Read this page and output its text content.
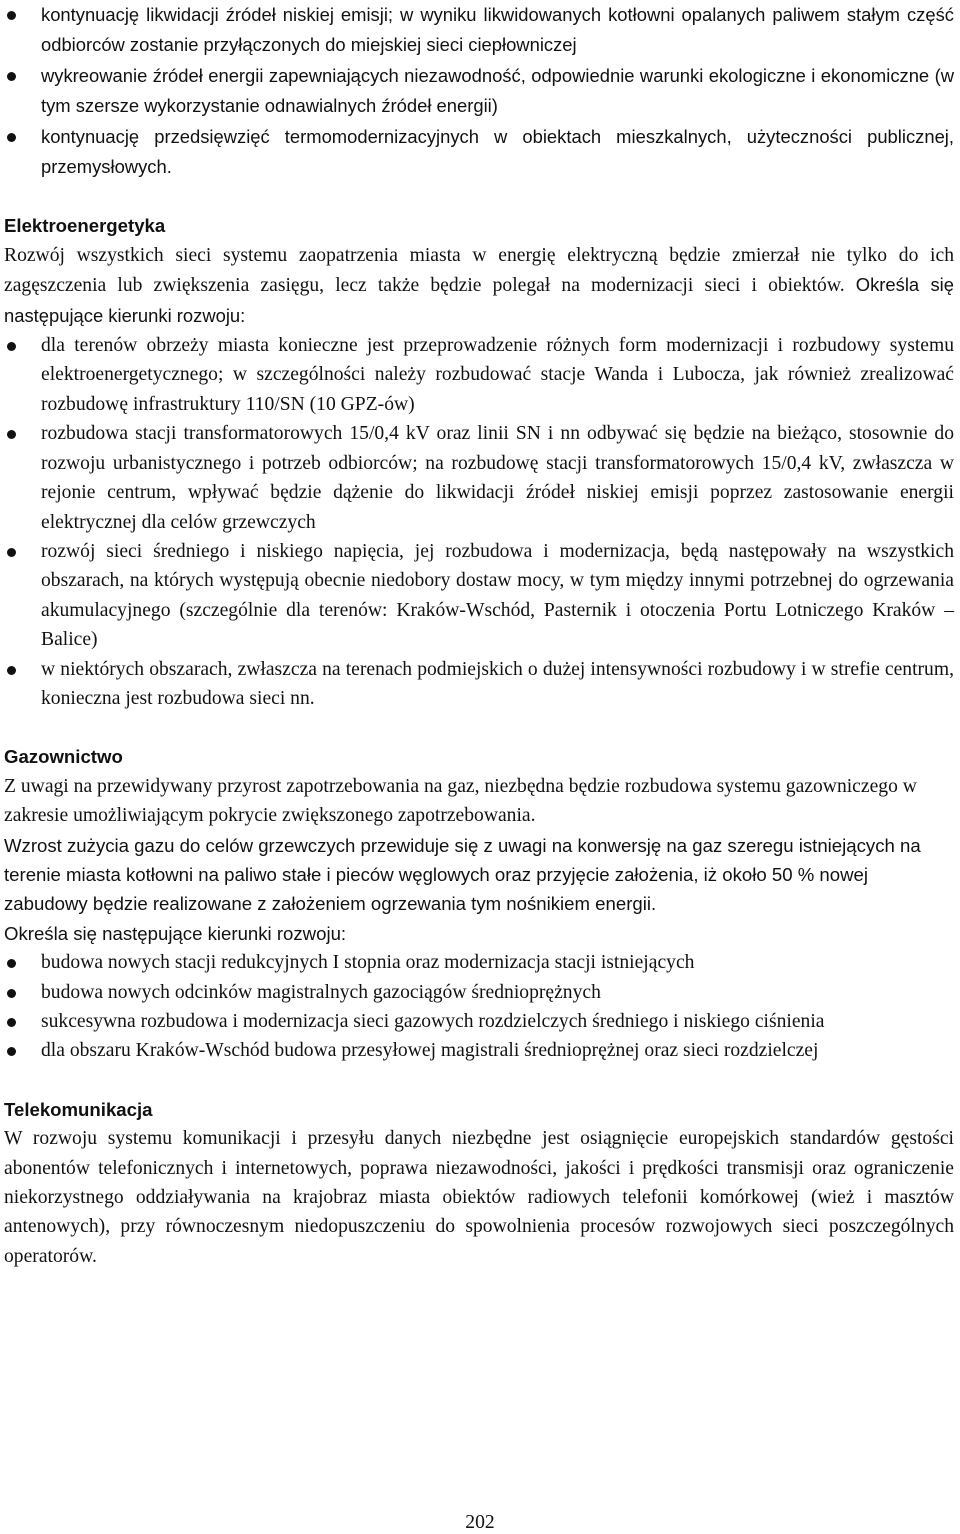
kontynuację likwidacji źródeł niskiej emisji; w wyniku likwidowanych kotłowni opalanych paliwem stałym część odbiorców zostanie przyłączonych do miejskiej sieci ciepłowniczej
wykreowanie źródeł energii zapewniających niezawodność, odpowiednie warunki ekologiczne i ekonomiczne (w tym szersze wykorzystanie odnawialnych źródeł energii)
kontynuację przedsięwzięć termomodernizacyjnych w obiektach mieszkalnych, użyteczności publicznej, przemysłowych.
Elektroenergetyka

Rozwój wszystkich sieci systemu zaopatrzenia miasta w energię elektryczną będzie zmierzał nie tylko do ich zagęszczenia lub zwiększenia zasięgu, lecz także będzie polegał na modernizacji sieci i obiektów. Określa się następujące kierunki rozwoju:

dla terenów obrzeży miasta konieczne jest przeprowadzenie różnych form modernizacji i rozbudowy systemu elektroenergetycznego; w szczególności należy rozbudować stacje Wanda i Lubocza, jak również zrealizować rozbudowę infrastruktury 110/SN (10 GPZ-ów)
rozbudowa stacji transformatorowych 15/0,4 kV oraz linii SN i nn odbywać się będzie na bieżąco, stosownie do rozwoju urbanistycznego i potrzeb odbiorców; na rozbudowę stacji transformatorowych 15/0,4 kV, zwłaszcza w rejonie centrum, wpływać będzie dążenie do likwidacji źródeł niskiej emisji poprzez zastosowanie energii elektrycznej dla celów grzewczych
rozwój sieci średniego i niskiego napięcia, jej rozbudowa i modernizacja, będą następowały na wszystkich obszarach, na których występują obecnie niedobory dostaw mocy, w tym między innymi potrzebnej do ogrzewania akumulacyjnego (szczególnie dla terenów: Kraków-Wschód, Pasternik i otoczenia Portu Lotniczego Kraków – Balice)
w niektórych obszarach, zwłaszcza na terenach podmiejskich o dużej intensywności rozbudowy i w strefie centrum, konieczna jest rozbudowa sieci nn.
Gazownictwo

Z uwagi na przewidywany przyrost zapotrzebowania na gaz, niezbędna będzie rozbudowa systemu gazowniczego w zakresie umożliwiającym pokrycie zwiększonego zapotrzebowania.

Wzrost zużycia gazu do celów grzewczych przewiduje się z uwagi na konwersję na gaz szeregu istniejących na terenie miasta kotłowni na paliwo stałe i pieców węglowych oraz przyjęcie założenia, iż około 50 % nowej zabudowy będzie realizowane z założeniem ogrzewania tym nośnikiem energii.

Określa się następujące kierunki rozwoju:

budowa nowych stacji redukcyjnych I stopnia oraz modernizacja stacji istniejących
budowa nowych odcinków magistralnych gazociągów średnioprężnych
sukcesywna rozbudowa i modernizacja sieci gazowych rozdzielczych średniego i niskiego ciśnienia
dla obszaru Kraków-Wschód budowa przesyłowej magistrali średnioprężnej oraz sieci rozdzielczej
Telekomunikacja

W rozwoju systemu komunikacji i przesyłu danych niezbędne jest osiągnięcie europejskich standardów gęstości abonentów telefonicznych i internetowych, poprawa niezawodności, jakości i prędkości transmisji oraz ograniczenie niekorzystnego oddziaływania na krajobraz miasta obiektów radiowych telefonii komórkowej (wież i masztów antenowych), przy równoczesnym niedopuszczeniu do spowolnienia procesów rozwojowych sieci poszczególnych operatorów.

202
